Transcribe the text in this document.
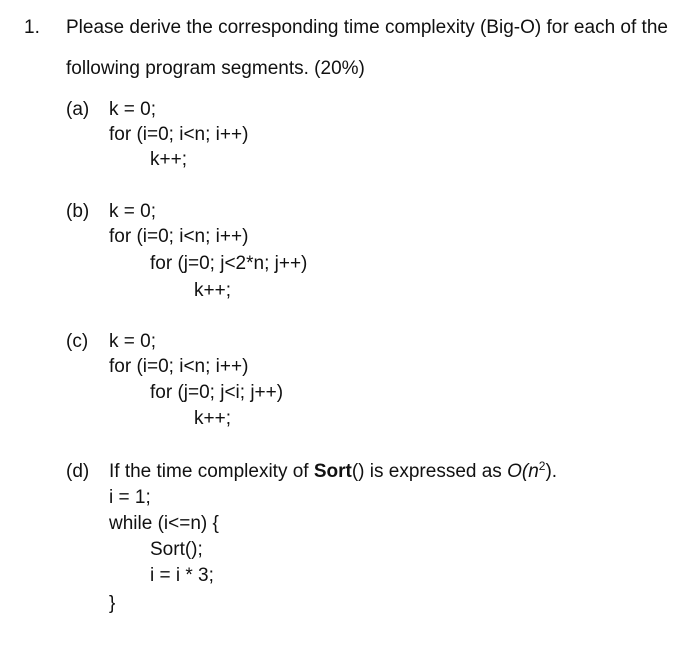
1. Please derive the corresponding time complexity (Big-O) for each of the
following program segments. (20%)
(a) k = 0;
for (i=0; i<n; i++)
k++;
(b) k = 0;
for (i=0; i<n; i++)
for (j=0; j<2*n; j++)
k++;
(c) k = 0;
for (i=0; i<n; i++)
for (j=0; j<i; j++)
k++;
(d) If the time complexity of Sort() is expressed as $O(n^2)$.
i = 1;
while (i<=n) {
Sort();
i = i * 3;
}
